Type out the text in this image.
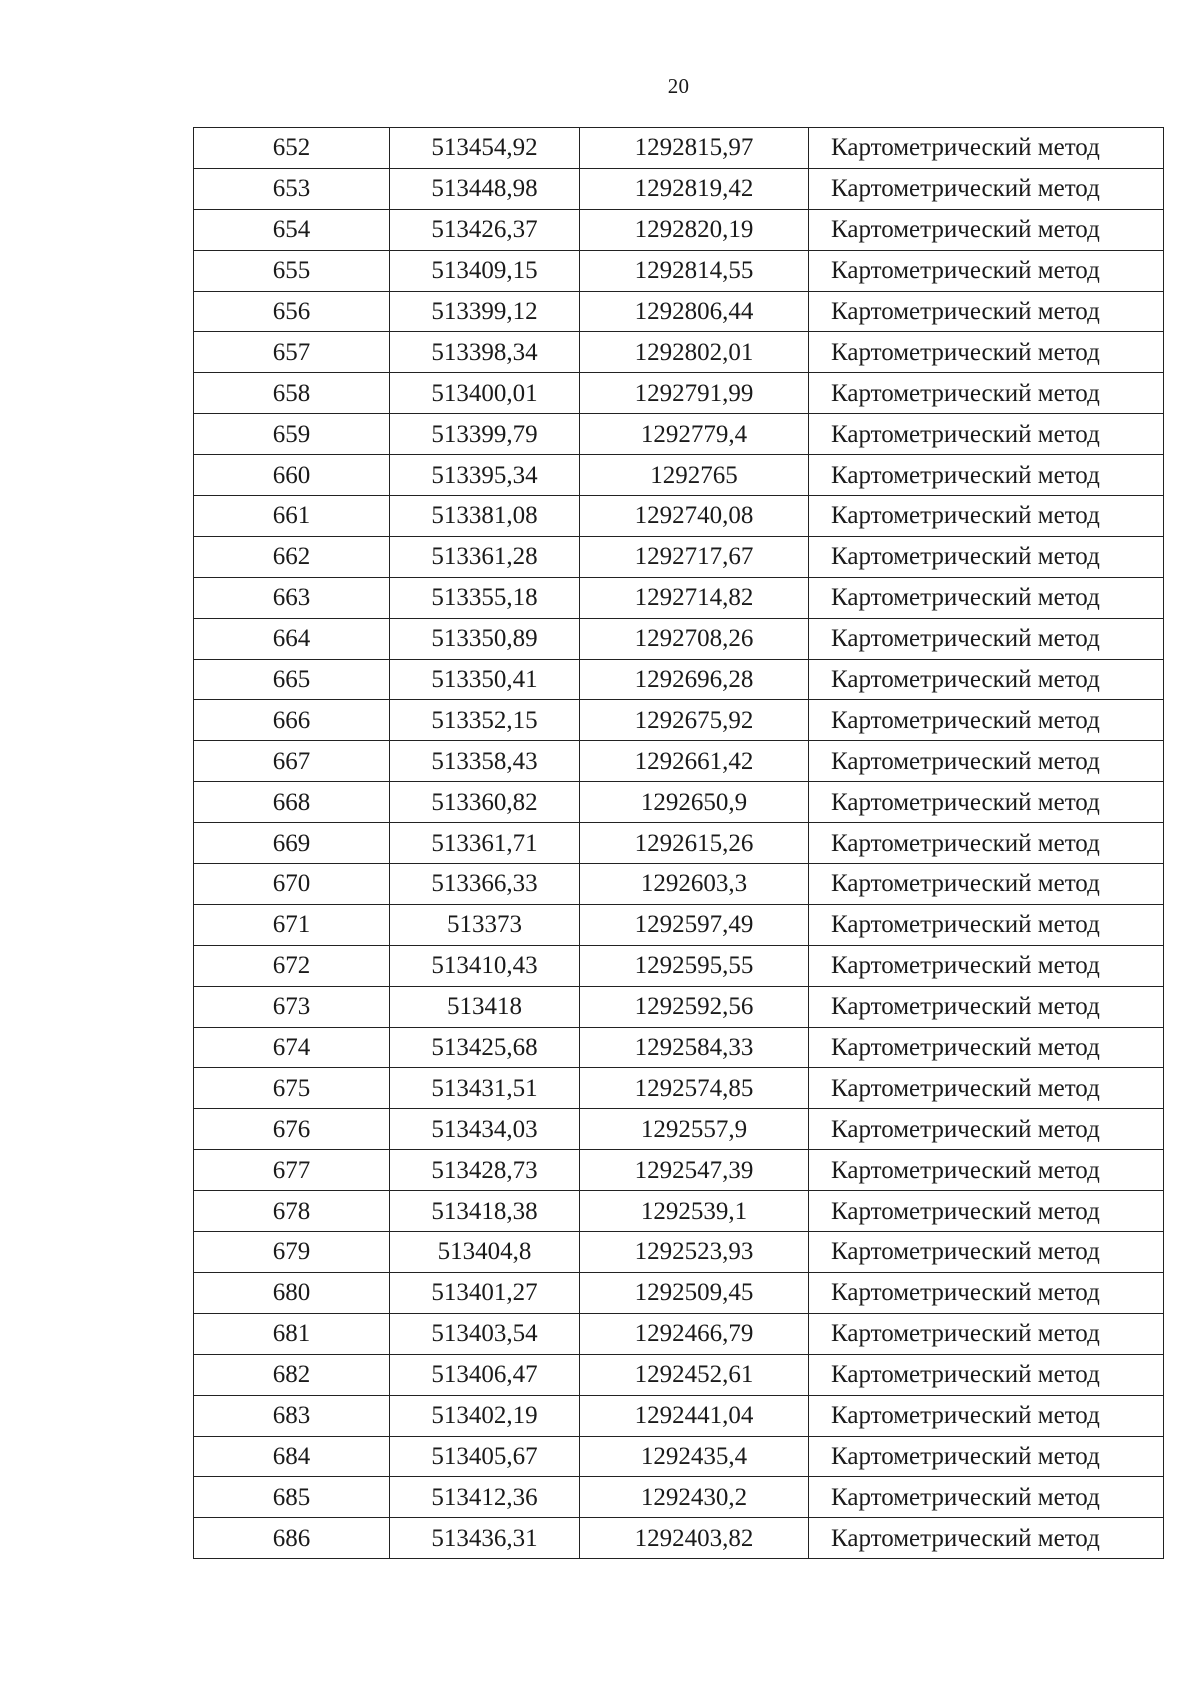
20
652	513454,92	1292815,97	Картометрический метод
653	513448,98	1292819,42	Картометрический метод
654	513426,37	1292820,19	Картометрический метод
655	513409,15	1292814,55	Картометрический метод
656	513399,12	1292806,44	Картометрический метод
657	513398,34	1292802,01	Картометрический метод
658	513400,01	1292791,99	Картометрический метод
659	513399,79	1292779,4	Картометрический метод
660	513395,34	1292765	Картометрический метод
661	513381,08	1292740,08	Картометрический метод
662	513361,28	1292717,67	Картометрический метод
663	513355,18	1292714,82	Картометрический метод
664	513350,89	1292708,26	Картометрический метод
665	513350,41	1292696,28	Картометрический метод
666	513352,15	1292675,92	Картометрический метод
667	513358,43	1292661,42	Картометрический метод
668	513360,82	1292650,9	Картометрический метод
669	513361,71	1292615,26	Картометрический метод
670	513366,33	1292603,3	Картометрический метод
671	513373	1292597,49	Картометрический метод
672	513410,43	1292595,55	Картометрический метод
673	513418	1292592,56	Картометрический метод
674	513425,68	1292584,33	Картометрический метод
675	513431,51	1292574,85	Картометрический метод
676	513434,03	1292557,9	Картометрический метод
677	513428,73	1292547,39	Картометрический метод
678	513418,38	1292539,1	Картометрический метод
679	513404,8	1292523,93	Картометрический метод
680	513401,27	1292509,45	Картометрический метод
681	513403,54	1292466,79	Картометрический метод
682	513406,47	1292452,61	Картометрический метод
683	513402,19	1292441,04	Картометрический метод
684	513405,67	1292435,4	Картометрический метод
685	513412,36	1292430,2	Картометрический метод
686	513436,31	1292403,82	Картометрический метод
